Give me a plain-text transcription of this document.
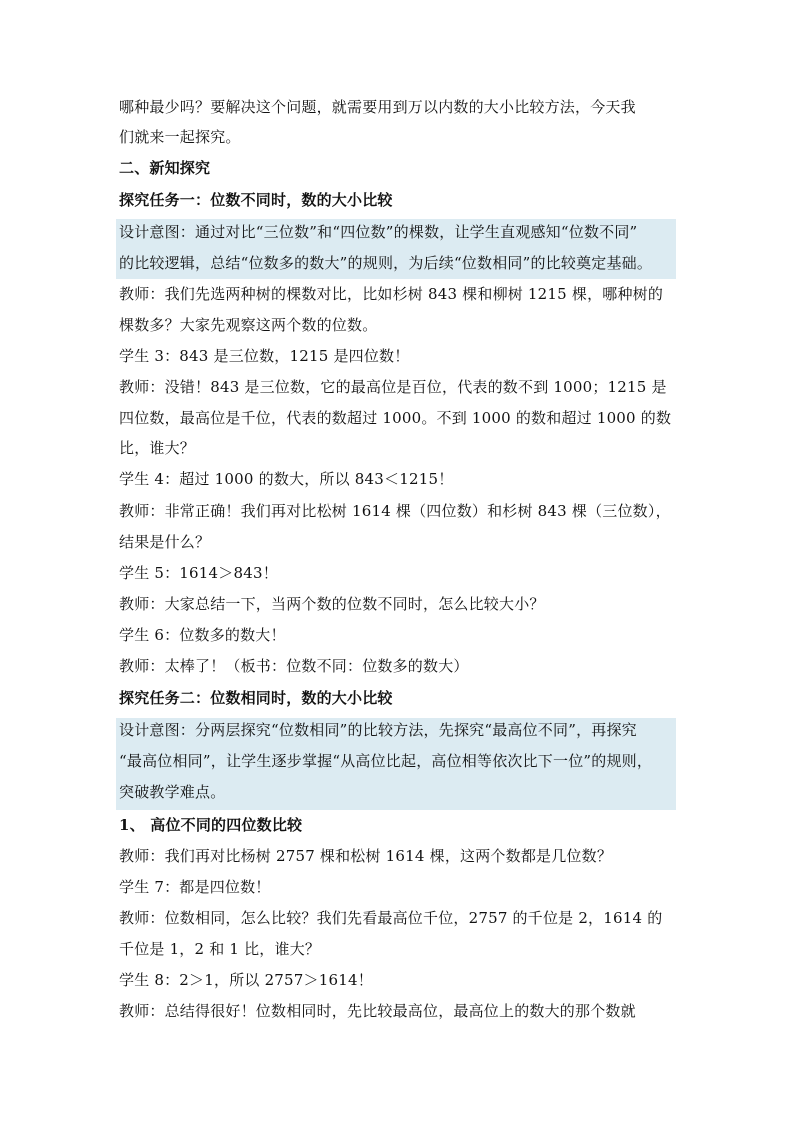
哪种最少吗？要解决这个问题，就需要用到万以内数的大小比较方法，今天我
们就来一起探究。
二、新知探究
探究任务一：位数不同时，数的大小比较
设计意图：通过对比“三位数”和“四位数”的棵数，让学生直观感知“位数不同”
的比较逻辑，总结“位数多的数大”的规则，为后续“位数相同”的比较奠定基础。
教师：我们先选两种树的棵数对比，比如杉树 843 棵和柳树 1215 棵，哪种树的
棵数多？大家先观察这两个数的位数。
学生 3：843 是三位数，1215 是四位数！
教师：没错！843 是三位数，它的最高位是百位，代表的数不到 1000；1215 是
四位数，最高位是千位，代表的数超过 1000。不到 1000 的数和超过 1000 的数
比，谁大？
学生 4：超过 1000 的数大，所以 843＜1215！
教师：非常正确！我们再对比松树 1614 棵（四位数）和杉树 843 棵（三位数），
结果是什么？
学生 5：1614＞843！
教师：大家总结一下，当两个数的位数不同时，怎么比较大小？
学生 6：位数多的数大！
教师：太棒了！（板书：位数不同：位数多的数大）
探究任务二：位数相同时，数的大小比较
设计意图：分两层探究“位数相同”的比较方法，先探究“最高位不同”，再探究
“最高位相同”，让学生逐步掌握“从高位比起，高位相等依次比下一位”的规则，
突破教学难点。
1、 高位不同的四位数比较
教师：我们再对比杨树 2757 棵和松树 1614 棵，这两个数都是几位数？
学生 7：都是四位数！
教师：位数相同，怎么比较？我们先看最高位千位，2757 的千位是 2，1614 的
千位是 1，2 和 1 比，谁大？
学生 8：2＞1，所以 2757＞1614！
教师：总结得很好！位数相同时，先比较最高位，最高位上的数大的那个数就
